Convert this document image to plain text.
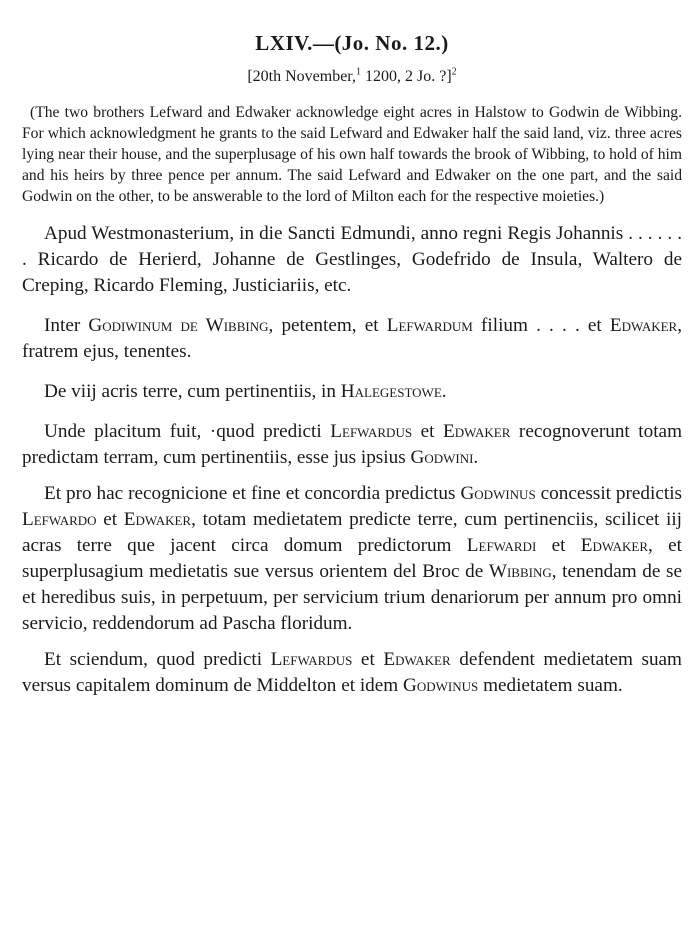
LXIV.—(Jo. No. 12.)
[20th November,$^1$ 1200, 2 Jo. ?]$^2$

(The two brothers Lefward and Edwaker acknowledge eight acres in Halstow to Godwin de Wibbing. For which acknowledgment he grants to the said Lefward and Edwaker half the said land, viz. three acres lying near their house, and the superplusage of his own half towards the brook of Wibbing, to hold of him and his heirs by three pence per annum. The said Lefward and Edwaker on the one part, and the said Godwin on the other, to be answerable to the lord of Milton each for the respective moieties.)

Apud Westmonasterium, in die Sancti Edmundi, anno regni Regis Johannis . . . . . . . Ricardo de Herierd, Johanne de Gestlinges, Godefrido de Insula, Waltero de Creping, Ricardo Fleming, Justiciariis, etc.

Inter Godiwinum de Wibbing, petentem, et Lefwardum filium . . . . et Edwaker, fratrem ejus, tenentes.

De viij acris terre, cum pertinentiis, in Halegestowe.

Unde placitum fuit, ·quod predicti Lefwardus et Edwaker recognoverunt totam predictam terram, cum pertinentiis, esse jus ipsius Godwini.

Et pro hac recognicione et fine et concordia predictus Godwinus concessit predictis Lefwardo et Edwaker, totam medietatem predicte terre, cum pertinenciis, scilicet iij acras terre que jacent circa domum predictorum Lefwardi et Edwaker, et superplusagium medietatis sue versus orientem del Broc de Wibbing, tenendam de se et heredibus suis, in perpetuum, per servicium trium denariorum per annum pro omni servicio, reddendorum ad Pascha floridum.

Et sciendum, quod predicti Lefwardus et Edwaker defendent medietatem suam versus capitalem dominum de Middelton et idem Godwinus medietatem suam.
